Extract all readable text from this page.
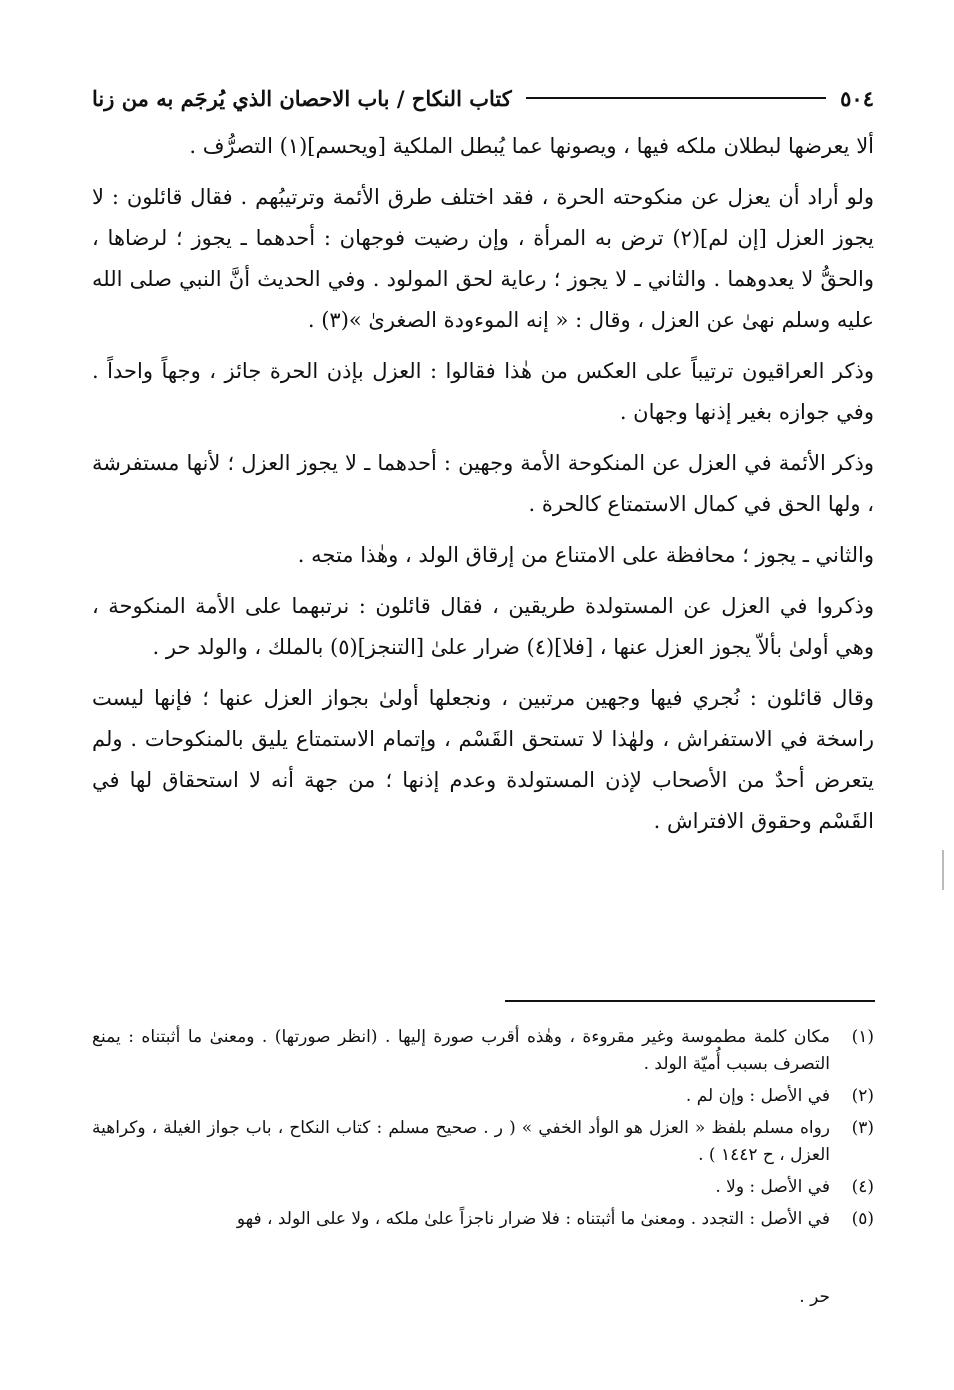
٥٠٤
كتاب النكاح / باب الاحصان الذي يُرجَم به من زنا

ألا يعرضها لبطلان ملكه فيها ، ويصونها عما يُبطل الملكية [ويحسم](١) التصرُّف .

ولو أراد أن يعزل عن منكوحته الحرة ، فقد اختلف طرق الأئمة وترتيبُهم . فقال قائلون : لا يجوز العزل [إن لم](٢) ترض به المرأة ، وإن رضيت فوجهان : أحدهما ـ يجوز ؛ لرضاها ، والحقُّ لا يعدوهما . والثاني ـ لا يجوز ؛ رعاية لحق المولود . وفي الحديث أنَّ النبي صلى الله عليه وسلم نهىٰ عن العزل ، وقال : « إنه الموءودة الصغرىٰ »(٣) .

وذكر العراقيون ترتيباً على العكس من هٰذا فقالوا : العزل بإذن الحرة جائز ، وجهاً واحداً . وفي جوازه بغير إذنها وجهان .

وذكر الأئمة في العزل عن المنكوحة الأمة وجهين : أحدهما ـ لا يجوز العزل ؛ لأنها مستفرشة ، ولها الحق في كمال الاستمتاع كالحرة .

والثاني ـ يجوز ؛ محافظة على الامتناع من إرقاق الولد ، وهٰذا متجه .

وذكروا في العزل عن المستولدة طريقين ، فقال قائلون : نرتبهما على الأمة المنكوحة ، وهي أولىٰ بألاّ يجوز العزل عنها ، [فلا](٤) ضرار علىٰ [التنجز](٥) بالملك ، والولد حر .

وقال قائلون : نُجري فيها وجهين مرتبين ، ونجعلها أولىٰ بجواز العزل عنها ؛ فإنها ليست راسخة في الاستفراش ، ولهٰذا لا تستحق القَسْم ، وإتمام الاستمتاع يليق بالمنكوحات . ولم يتعرض أحدٌ من الأصحاب لإذن المستولدة وعدم إذنها ؛ من جهة أنه لا استحقاق لها في القَسْم وحقوق الافتراش .

(١)
مكان كلمة مطموسة وغير مقروءة ، وهٰذه أقرب صورة إليها . (انظر صورتها) . ومعنىٰ ما أثبتناه : يمنع التصرف بسبب أُميّة الولد .
(٢)
في الأصل : وإن لم .
(٣)
رواه مسلم بلفظ « العزل هو الوأد الخفي » ( ر . صحيح مسلم : كتاب النكاح ، باب جواز الغيلة ، وكراهية العزل ، ح ١٤٤٢ ) .
(٤)
في الأصل : ولا .
(٥)
في الأصل : التجدد . ومعنىٰ ما أثبتناه : فلا ضرار ناجزاً علىٰ ملكه ، ولا على الولد ، فهو
حر .
